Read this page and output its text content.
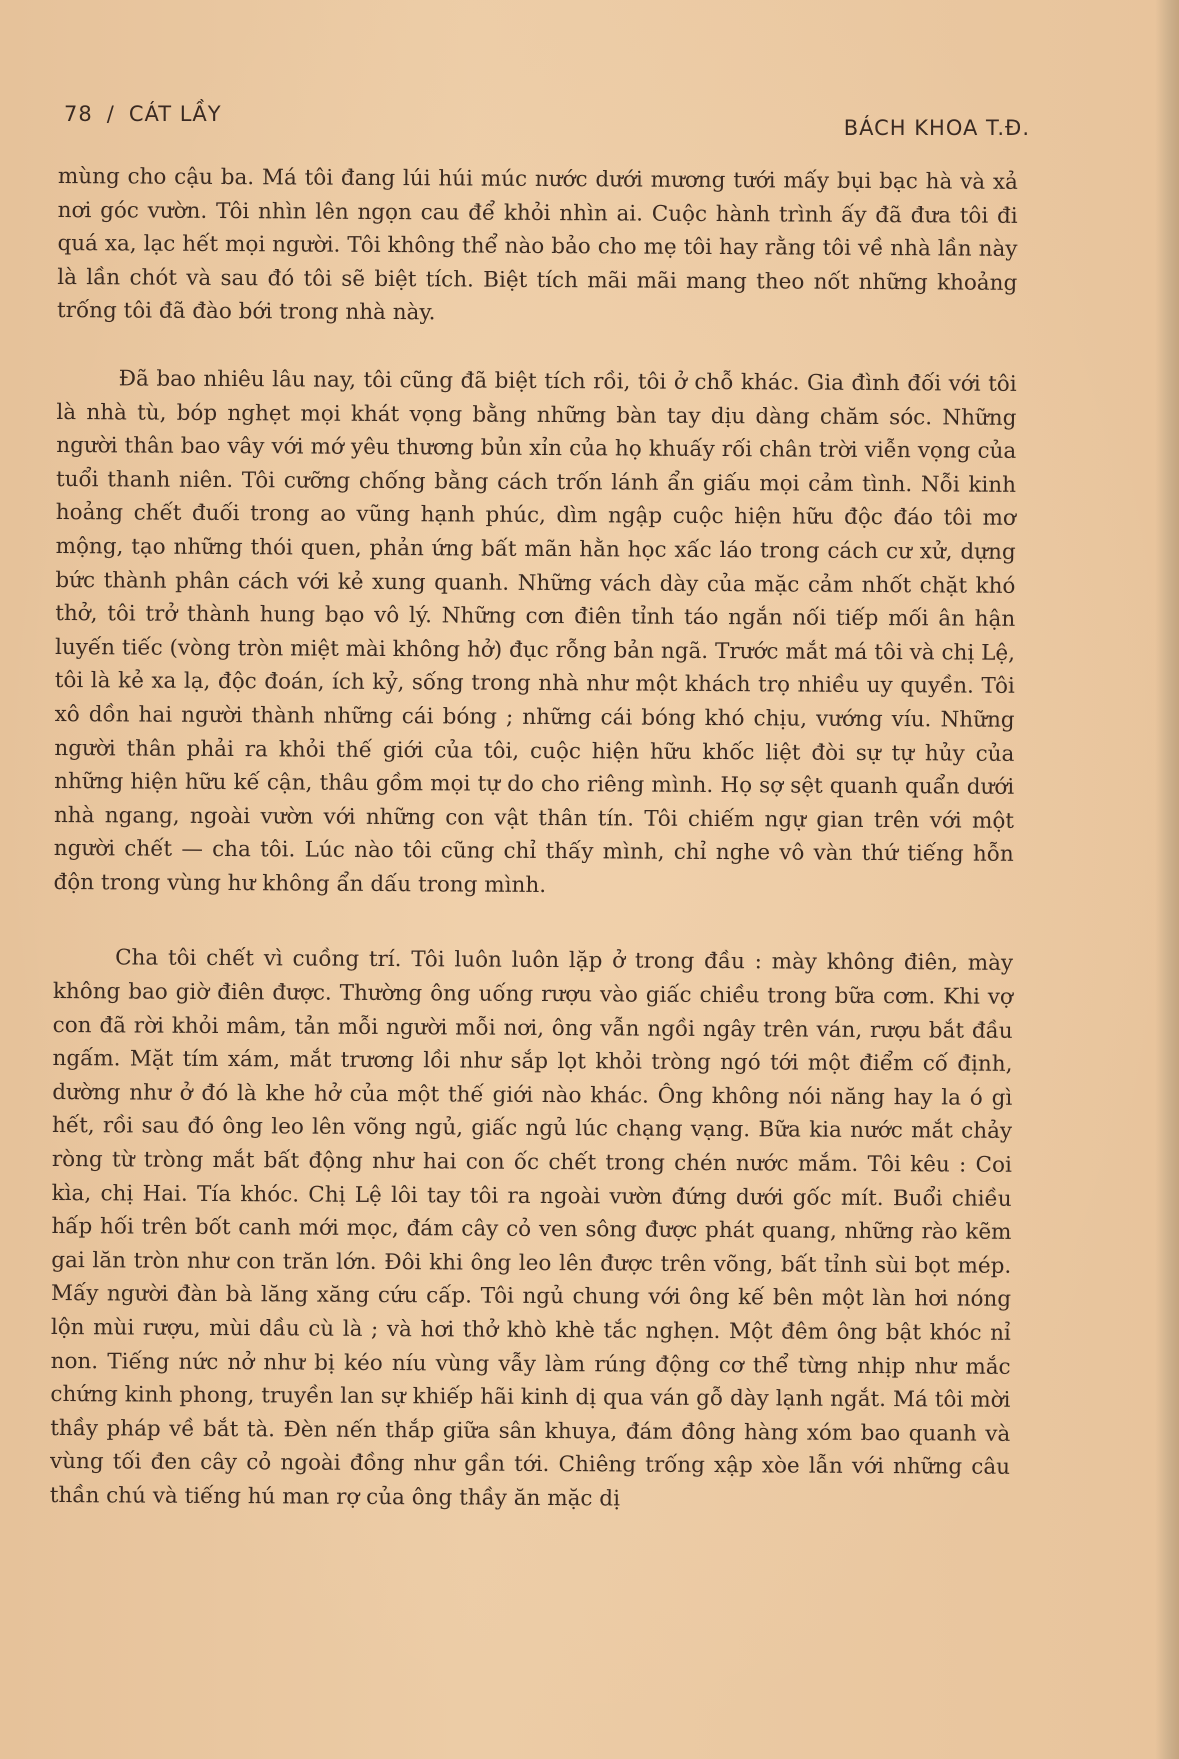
78 / CÁT LẦY
BÁCH KHOA T.Đ.

mùng cho cậu ba. Má tôi đang lúi húi múc nước dưới mương tưới mấy bụi bạc hà và xả nơi góc vườn. Tôi nhìn lên ngọn cau để khỏi nhìn ai. Cuộc hành trình ấy đã đưa tôi đi quá xa, lạc hết mọi người. Tôi không thể nào bảo cho mẹ tôi hay rằng tôi về nhà lần này là lần chót và sau đó tôi sẽ biệt tích. Biệt tích mãi mãi mang theo nốt những khoảng trống tôi đã đào bới trong nhà này.

Đã bao nhiêu lâu nay, tôi cũng đã biệt tích rồi, tôi ở chỗ khác. Gia đình đối với tôi là nhà tù, bóp nghẹt mọi khát vọng bằng những bàn tay dịu dàng chăm sóc. Những người thân bao vây với mớ yêu thương bủn xỉn của họ khuấy rối chân trời viễn vọng của tuổi thanh niên. Tôi cưỡng chống bằng cách trốn lánh ẩn giấu mọi cảm tình. Nỗi kinh hoảng chết đuối trong ao vũng hạnh phúc, dìm ngập cuộc hiện hữu độc đáo tôi mơ mộng, tạo những thói quen, phản ứng bất mãn hằn học xấc láo trong cách cư xử, dựng bức thành phân cách với kẻ xung quanh. Những vách dày của mặc cảm nhốt chặt khó thở, tôi trở thành hung bạo vô lý. Những cơn điên tỉnh táo ngắn nối tiếp mối ân hận luyến tiếc (vòng tròn miệt mài không hở) đục rỗng bản ngã. Trước mắt má tôi và chị Lệ, tôi là kẻ xa lạ, độc đoán, ích kỷ, sống trong nhà như một khách trọ nhiều uy quyền. Tôi xô dồn hai người thành những cái bóng ; những cái bóng khó chịu, vướng víu. Những người thân phải ra khỏi thế giới của tôi, cuộc hiện hữu khốc liệt đòi sự tự hủy của những hiện hữu kế cận, thâu gồm mọi tự do cho riêng mình. Họ sợ sệt quanh quẩn dưới nhà ngang, ngoài vườn với những con vật thân tín. Tôi chiếm ngự gian trên với một người chết — cha tôi. Lúc nào tôi cũng chỉ thấy mình, chỉ nghe vô vàn thứ tiếng hỗn độn trong vùng hư không ẩn dấu trong mình.

Cha tôi chết vì cuồng trí. Tôi luôn luôn lặp ở trong đầu : mày không điên, mày không bao giờ điên được. Thường ông uống rượu vào giấc chiều trong bữa cơm. Khi vợ con đã rời khỏi mâm, tản mỗi người mỗi nơi, ông vẫn ngồi ngây trên ván, rượu bắt đầu ngấm. Mặt tím xám, mắt trương lồi như sắp lọt khỏi tròng ngó tới một điểm cố định, dường như ở đó là khe hở của một thế giới nào khác. Ông không nói năng hay la ó gì hết, rồi sau đó ông leo lên võng ngủ, giấc ngủ lúc chạng vạng. Bữa kia nước mắt chảy ròng từ tròng mắt bất động như hai con ốc chết trong chén nước mắm. Tôi kêu : Coi kìa, chị Hai. Tía khóc. Chị Lệ lôi tay tôi ra ngoài vườn đứng dưới gốc mít. Buổi chiều hấp hối trên bốt canh mới mọc, đám cây cỏ ven sông được phát quang, những rào kẽm gai lăn tròn như con trăn lớn. Đôi khi ông leo lên được trên võng, bất tỉnh sùi bọt mép. Mấy người đàn bà lăng xăng cứu cấp. Tôi ngủ chung với ông kế bên một làn hơi nóng lộn mùi rượu, mùi dầu cù là ; và hơi thở khò khè tắc nghẹn. Một đêm ông bật khóc nỉ non. Tiếng nức nở như bị kéo níu vùng vẫy làm rúng động cơ thể từng nhịp như mắc chứng kinh phong, truyền lan sự khiếp hãi kinh dị qua ván gỗ dày lạnh ngắt. Má tôi mời thầy pháp về bắt tà. Đèn nến thắp giữa sân khuya, đám đông hàng xóm bao quanh và vùng tối đen cây cỏ ngoài đồng như gần tới. Chiêng trống xập xòe lẫn với những câu thần chú và tiếng hú man rợ của ông thầy ăn mặc dị
